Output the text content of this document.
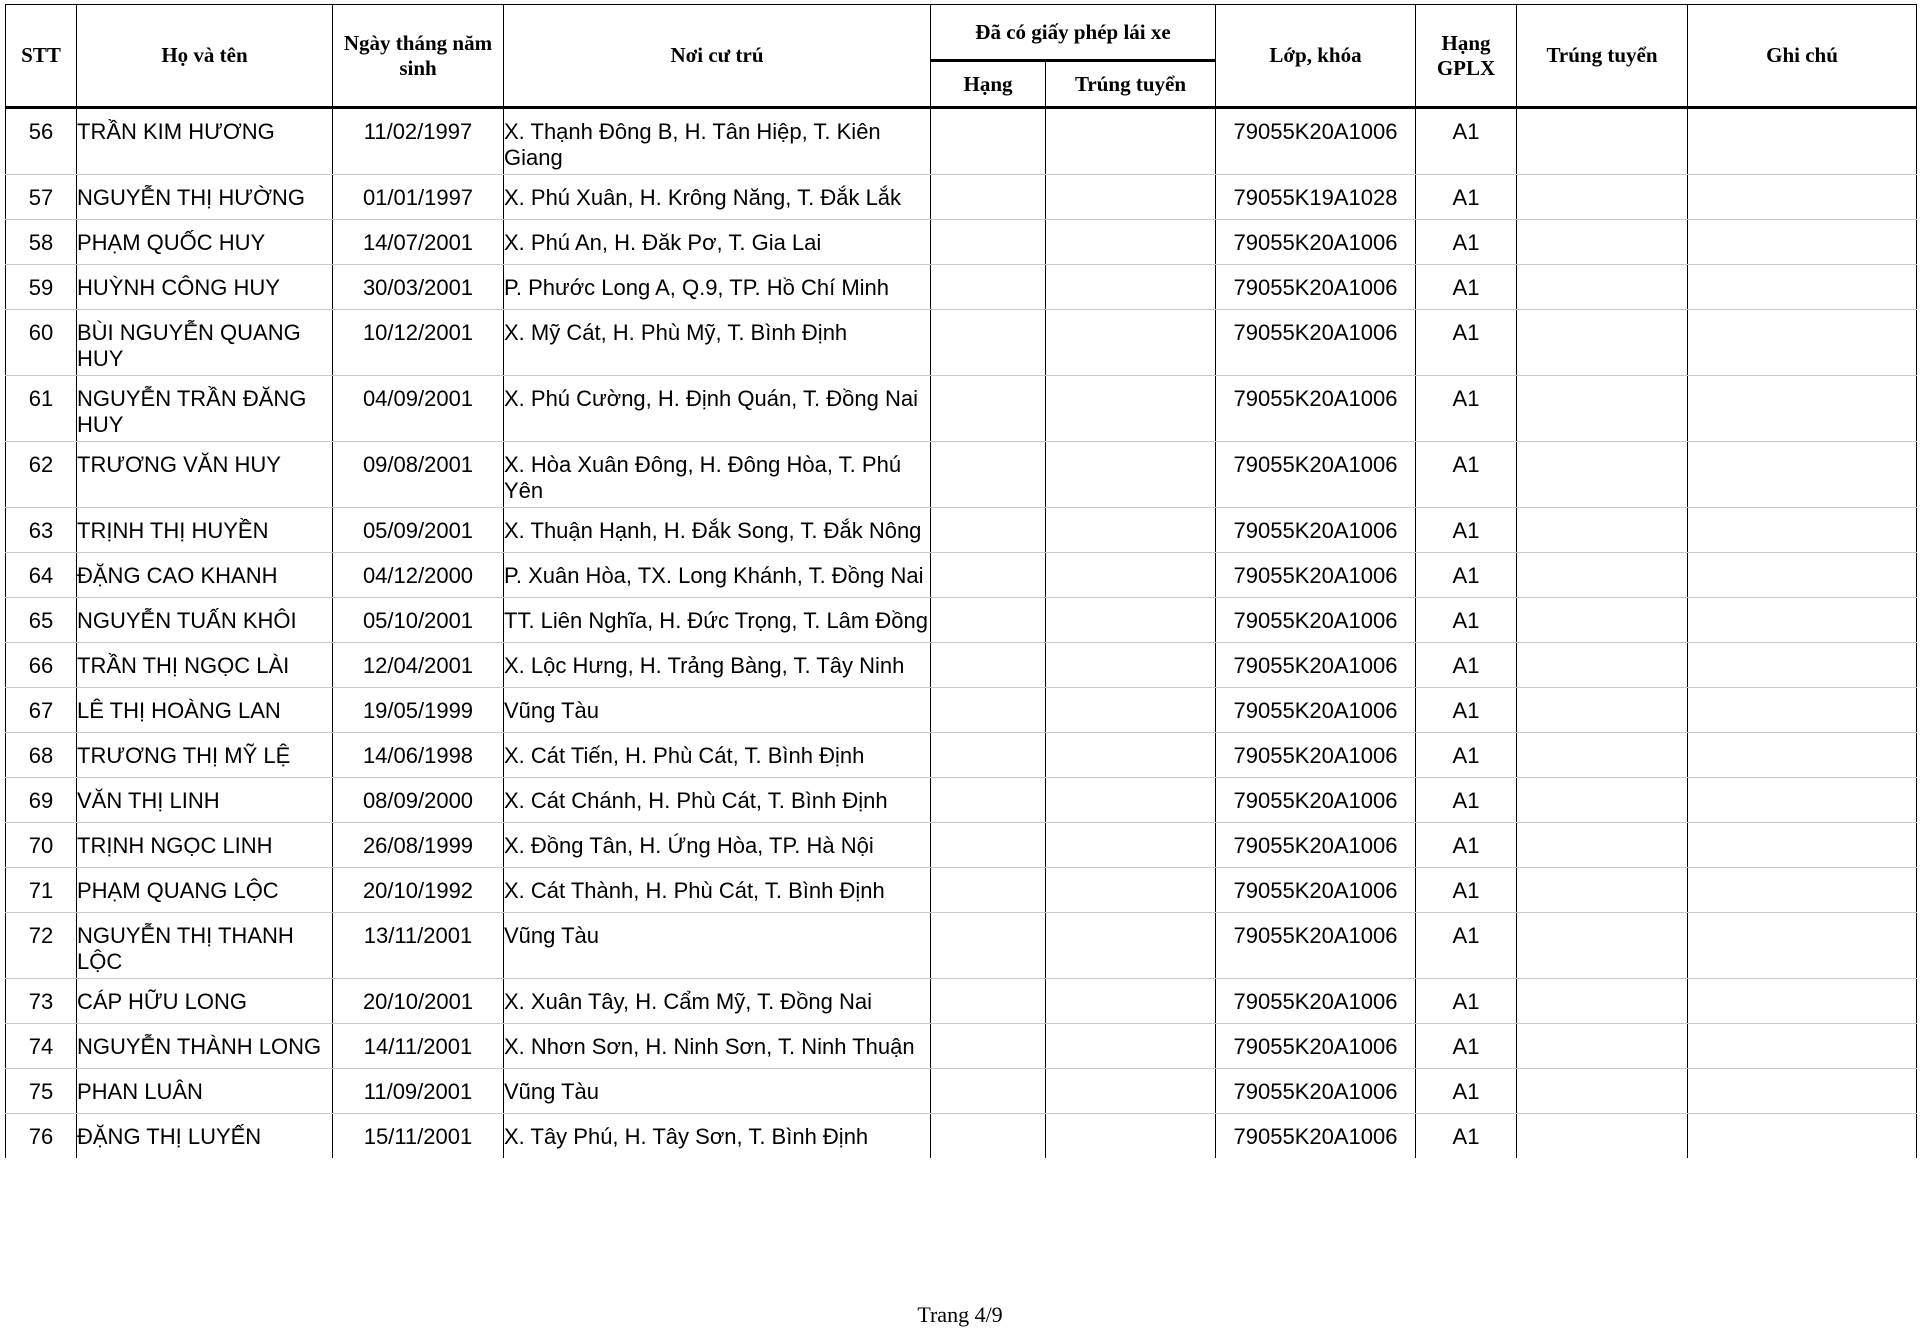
STT	Họ và tên	Ngày tháng năm sinh	Nơi cư trú	Đã có giấy phép lái xe		Lớp, khóa	Hạng GPLX	Trúng tuyển	Ghi chú
				Hạng	Trúng tuyển				
56	TRẦN KIM HƯƠNG	11/02/1997	X. Thạnh Đông B, H. Tân Hiệp, T. Kiên Giang			79055K20A1006	A1		
57	NGUYỄN THỊ HƯỜNG	01/01/1997	X. Phú Xuân, H. Krông Năng, T. Đắk Lắk			79055K19A1028	A1		
58	PHẠM QUỐC HUY	14/07/2001	X. Phú An, H. Đăk Pơ, T. Gia Lai			79055K20A1006	A1		
59	HUỲNH CÔNG HUY	30/03/2001	P. Phước Long A, Q.9, TP. Hồ Chí Minh			79055K20A1006	A1		
60	BÙI NGUYỄN QUANG HUY	10/12/2001	X. Mỹ Cát, H. Phù Mỹ, T. Bình Định			79055K20A1006	A1		
61	NGUYỄN TRẦN ĐĂNG HUY	04/09/2001	X. Phú Cường, H. Định Quán, T. Đồng Nai			79055K20A1006	A1		
62	TRƯƠNG VĂN HUY	09/08/2001	X. Hòa Xuân Đông, H. Đông Hòa, T. Phú Yên			79055K20A1006	A1		
63	TRỊNH THỊ HUYỀN	05/09/2001	X. Thuận Hạnh, H. Đắk Song, T. Đắk Nông			79055K20A1006	A1		
64	ĐẶNG CAO KHANH	04/12/2000	P. Xuân Hòa, TX. Long Khánh, T. Đồng Nai			79055K20A1006	A1		
65	NGUYỄN TUẤN KHÔI	05/10/2001	TT. Liên Nghĩa, H. Đức Trọng, T. Lâm Đồng			79055K20A1006	A1		
66	TRẦN THỊ NGỌC LÀI	12/04/2001	X. Lộc Hưng, H. Trảng Bàng, T. Tây Ninh			79055K20A1006	A1		
67	LÊ THỊ HOÀNG LAN	19/05/1999	Vũng Tàu			79055K20A1006	A1		
68	TRƯƠNG THỊ MỸ LỆ	14/06/1998	X. Cát Tiến, H. Phù Cát, T. Bình Định			79055K20A1006	A1		
69	VĂN THỊ LINH	08/09/2000	X. Cát Chánh, H. Phù Cát, T. Bình Định			79055K20A1006	A1		
70	TRỊNH NGỌC LINH	26/08/1999	X. Đồng Tân, H. Ứng Hòa, TP. Hà Nội			79055K20A1006	A1		
71	PHẠM QUANG LỘC	20/10/1992	X. Cát Thành, H. Phù Cát, T. Bình Định			79055K20A1006	A1		
72	NGUYỄN THỊ THANH LỘC	13/11/2001	Vũng Tàu			79055K20A1006	A1		
73	CÁP HỮU LONG	20/10/2001	X. Xuân Tây, H. Cẩm Mỹ, T. Đồng Nai			79055K20A1006	A1		
74	NGUYỄN THÀNH LONG	14/11/2001	X. Nhơn Sơn, H. Ninh Sơn, T. Ninh Thuận			79055K20A1006	A1		
75	PHAN LUÂN	11/09/2001	Vũng Tàu			79055K20A1006	A1		
76	ĐẶNG THỊ LUYẾN	15/11/2001	X. Tây Phú, H. Tây Sơn, T. Bình Định			79055K20A1006	A1		
Trang 4/9
